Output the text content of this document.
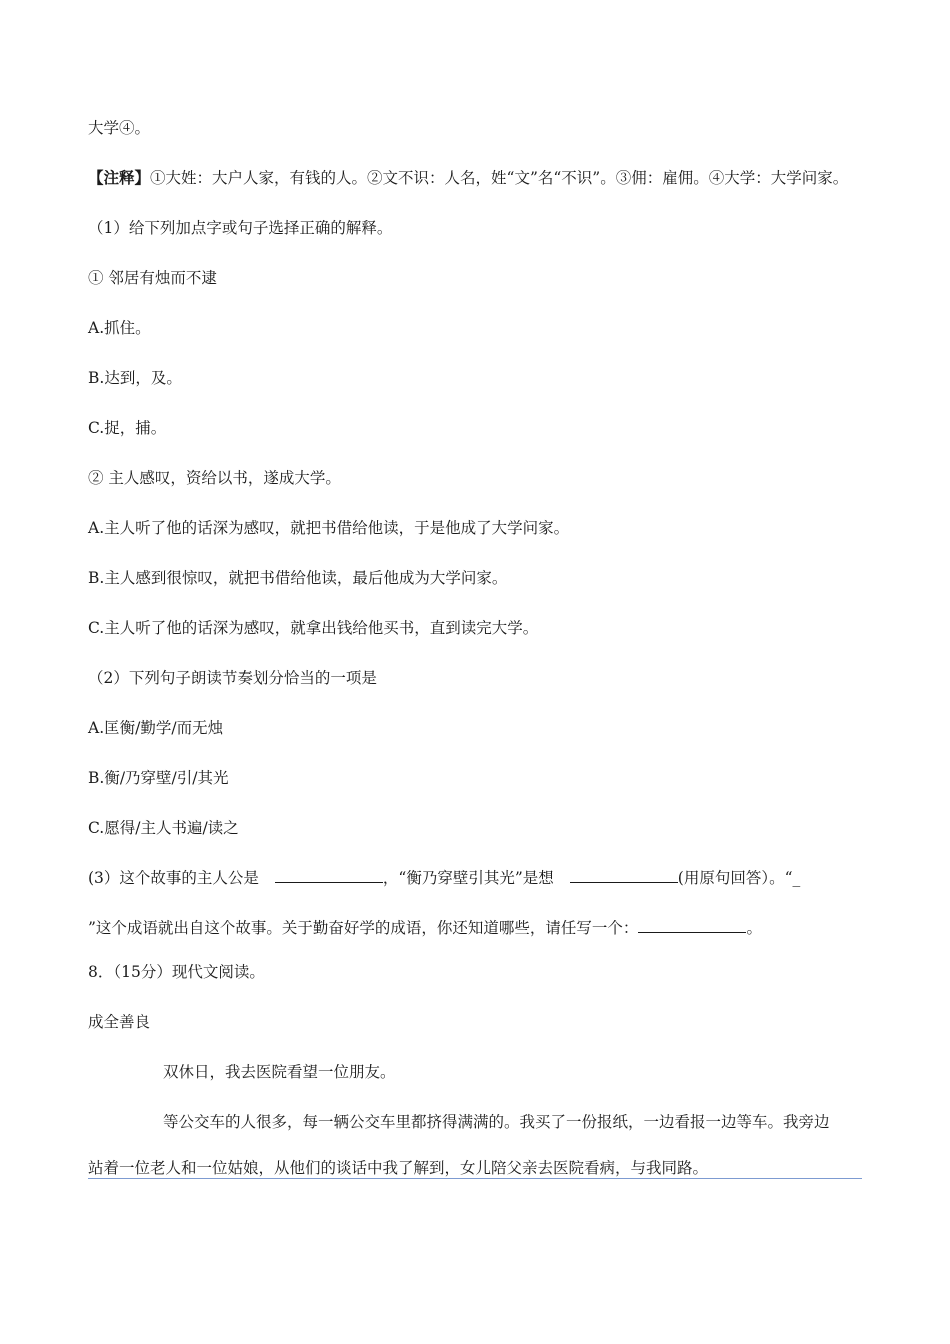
大学④。
【注释】①大姓：大户人家，有钱的人。②文不识：人名，姓“文”名“不识”。③佣：雇佣。④大学：大学问家。
（1）给下列加点字或句子选择正确的解释。
① 邻居有烛而不逮
A.抓住。
B.达到，及。
C.捉，捕。
② 主人感叹，资给以书，遂成大学。
A.主人听了他的话深为感叹，就把书借给他读，于是他成了大学问家。
B.主人感到很惊叹，就把书借给他读，最后他成为大学问家。
C.主人听了他的话深为感叹，就拿出钱给他买书，直到读完大学。
（2）下列句子朗读节奏划分恰当的一项是
A.匡衡/勤学/而无烛
B.衡/乃穿壁/引/其光
C.愿得/主人书遍/读之
(3）这个故事的主人公是	，“衡乃穿壁引其光”是想	(用原句回答）。“_
”这个成语就出自这个故事。关于勤奋好学的成语，你还知道哪些，请任写一个：	。
8．（15分）现代文阅读。
成全善良
双休日，我去医院看望一位朋友。
等公交车的人很多，每一辆公交车里都挤得满满的。我买了一份报纸，一边看报一边等车。我旁边
站着一位老人和一位姑娘，从他们的谈话中我了解到，女儿陪父亲去医院看病，与我同路。
